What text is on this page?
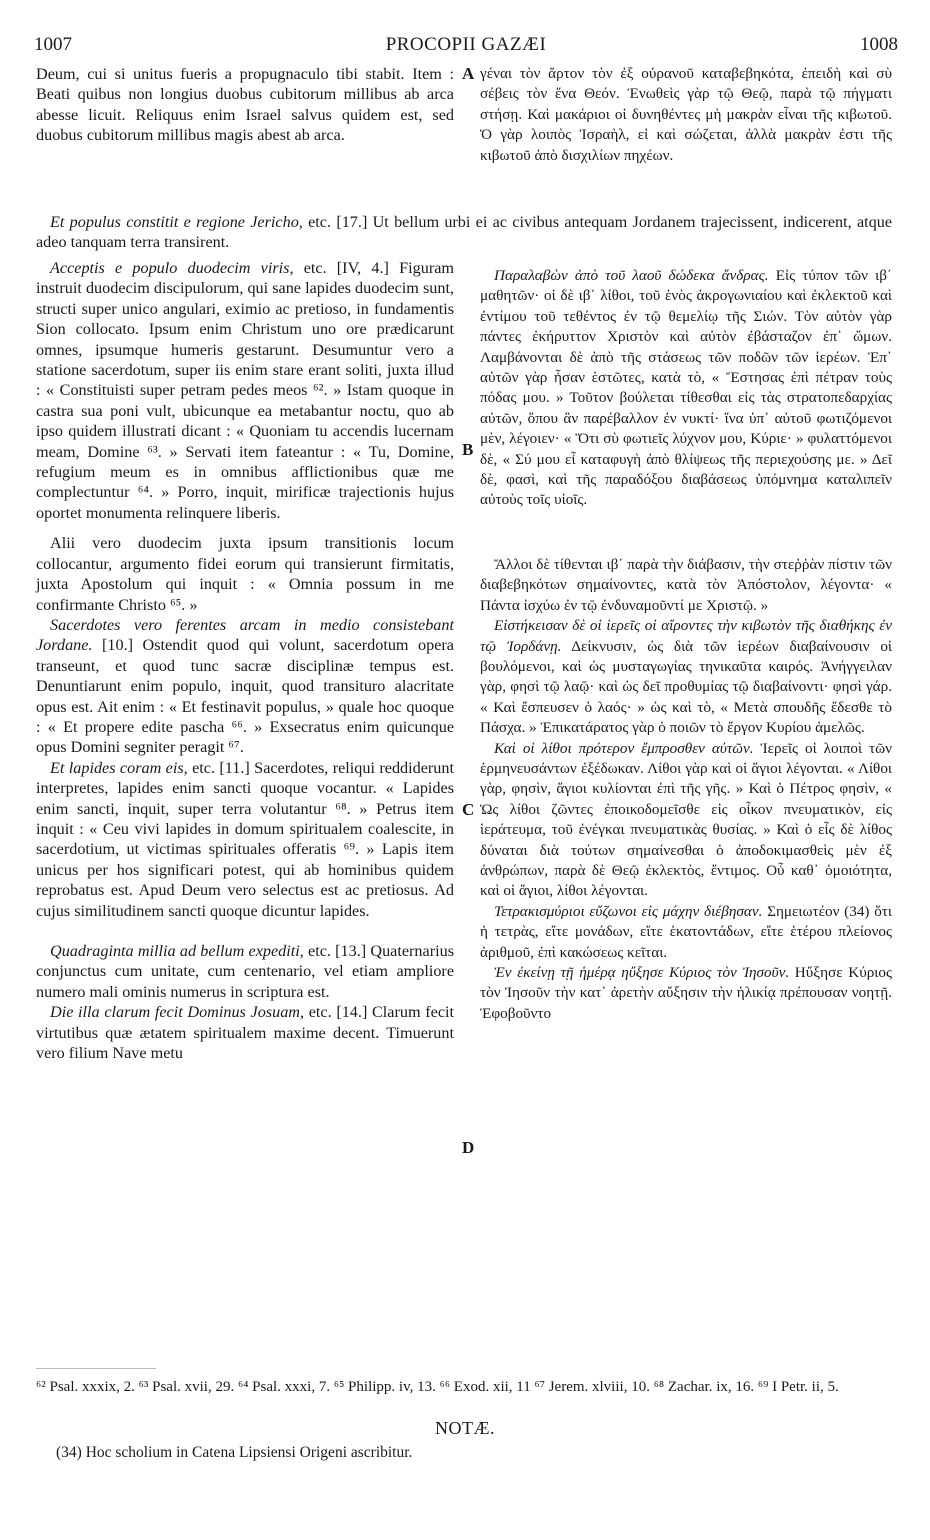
1007	PROCOPII GAZÆI	1008

Deum, cui si unitus fueris a propugnaculo tibi stabit. Item : Beati quibus non longius duobus cubitorum millibus ab arca abesse licuit. Reliquus enim Israel salvus quidem est, sed duobus cubitorum millibus magis abest ab arca.

γέναι τὸν ἄρτον τὸν ἐξ οὐρανοῦ καταβεβηκότα, ἐπειδὴ καὶ σὺ σέβεις τὸν ἕνα Θεόν. Ἐνωθεὶς γὰρ τῷ Θεῷ, παρὰ τῷ πήγματι στήσῃ. Καὶ μακάριοι οἱ δυνηθέντες μὴ μακρὰν εἶναι τῆς κιβωτοῦ. Ὁ γὰρ λοιπὸς Ἰσραὴλ, εἰ καὶ σώζεται, ἀλλὰ μακρὰν ἐστι τῆς κιβωτοῦ ἀπὸ δισχιλίων πηχέων.

Et populus constitit e regione Jericho, etc. [17.] Ut bellum urbi ei ac civibus antequam Jordanem trajecissent, indicerent, atque adeo tanquam terra transirent.

Acceptis e populo duodecim viris, etc. [IV, 4.] Figuram instruit duodecim discipulorum, qui sane lapides duodecim sunt, structi super unico angulari, eximio ac pretioso, in fundamentis Sion collocato. Ipsum enim Christum uno ore prædicarunt omnes, ipsumque humeris gestarunt. Desumuntur vero a statione sacerdotum, super iis enim stare erant soliti, juxta illud : « Constituisti super petram pedes meos ⁶². » Istam quoque in castra sua poni vult, ubicunque ea metabantur noctu, quo ab ipso quidem illustrati dicant : « Quoniam tu accendis lucernam meam, Domine ⁶³. » Servati item fateantur : « Tu, Domine, refugium meum es in omnibus afflictionibus quæ me complectuntur ⁶⁴. » Porro, inquit, mirificæ trajectionis hujus oportet monumenta relinquere liberis.

Alii vero duodecim juxta ipsum transitionis locum collocantur, argumento fidei eorum qui transierunt firmitatis, juxta Apostolum qui inquit : « Omnia possum in me confirmante Christo ⁶⁵. »

Sacerdotes vero ferentes arcam in medio consistebant Jordane. [10.] Ostendit quod qui volunt, sacerdotum opera transeunt, et quod tunc sacræ disciplinæ tempus est. Denuntiarunt enim populo, inquit, quod transituro alacritate opus est. Ait enim : « Et festinavit populus, » quale hoc quoque : « Et propere edite pascha ⁶⁶. » Exsecratus enim quicunque opus Domini segniter peragit ⁶⁷.

Et lapides coram eis, etc. [11.] Sacerdotes, reliqui reddiderunt interpretes, lapides enim sancti quoque vocantur. « Lapides enim sancti, inquit, super terra volutantur ⁶⁸. » Petrus item inquit : « Ceu vivi lapides in domum spiritualem coalescite, in sacerdotium, ut victimas spirituales offeratis ⁶⁹. » Lapis item unicus per hos significari potest, qui ab hominibus quidem reprobatus est. Apud Deum vero selectus est ac pretiosus. Ad cujus similitudinem sancti quoque dicuntur lapides.

Quadraginta millia ad bellum expediti, etc. [13.] Quaternarius conjunctus cum unitate, cum centenario, vel etiam ampliore numero mali ominis numerus in scriptura est.

Die illa clarum fecit Dominus Josuam, etc. [14.] Clarum fecit virtutibus quæ ætatem spiritualem maxime decent. Timuerunt vero filium Nave metu

Παραλαβὼν ἀπὸ τοῦ λαοῦ δώδεκα ἄνδρας. Εἰς τύπον τῶν ιβ΄ μαθητῶν· οἱ δὲ ιβ΄ λίθοι, τοῦ ἑνὸς ἀκρογωνιαίου καὶ ἐκλεκτοῦ καὶ ἐντίμου τοῦ τεθέντος ἐν τῷ θεμελίῳ τῆς Σιών. Τὸν αὐτὸν γὰρ πάντες ἐκήρυττον Χριστὸν καὶ αὐτὸν ἐβάσταζον ἐπ᾽ ὤμων. Λαμβάνονται δὲ ἀπὸ τῆς στάσεως τῶν ποδῶν τῶν ἱερέων. Ἐπ᾽ αὐτῶν γὰρ ἦσαν ἑστῶτες, κατὰ τὸ, « Ἔστησας ἐπὶ πέτραν τοὺς πόδας μου. » Τοῦτον βούλεται τίθεσθαι εἰς τὰς στρατοπεδαρχίας αὐτῶν, ὅπου ἂν παρέβαλλον ἐν νυκτί· ἵνα ὑπ᾽ αὐτοῦ φωτιζόμενοι μὲν, λέγοιεν· « Ὅτι σὺ φωτιεῖς λύχνον μου, Κύριε· » φυλαττόμενοι δὲ, « Σύ μου εἶ καταφυγὴ ἀπὸ θλίψεως τῆς περιεχούσης με. » Δεῖ δὲ, φασὶ, καὶ τῆς παραδόξου διαβάσεως ὑπόμνημα καταλιπεῖν αὐτοὺς τοῖς υἱοῖς.

Ἄλλοι δὲ τίθενται ιβ΄ παρὰ τὴν διάβασιν, τὴν στεῤῥὰν πίστιν τῶν διαβεβηκότων σημαίνοντες, κατὰ τὸν Ἀπόστολον, λέγοντα· « Πάντα ἰσχύω ἐν τῷ ἐνδυναμοῦντί με Χριστῷ. »

Εἱστήκεισαν δὲ οἱ ἱερεῖς οἱ αἴροντες τὴν κιβωτὸν τῆς διαθήκης ἐν τῷ Ἰορδάνῃ. Δείκνυσιν, ὡς διὰ τῶν ἱερέων διαβαίνουσιν οἱ βουλόμενοι, καὶ ὡς μυσταγωγίας τηνικαῦτα καιρός. Ἀνήγγειλαν γὰρ, φησὶ τῷ λαῷ· καὶ ὡς δεῖ προθυμίας τῷ διαβαίνοντι· φησὶ γάρ. « Καὶ ἔσπευσεν ὁ λαός· » ὡς καὶ τὸ, « Μετὰ σπουδῆς ἔδεσθε τὸ Πάσχα. » Ἐπικατάρατος γὰρ ὁ ποιῶν τὸ ἔργον Κυρίου ἀμελῶς.

Καὶ οἱ λίθοι πρότερον ἔμπροσθεν αὐτῶν. Ἱερεῖς οἱ λοιποὶ τῶν ἑρμηνευσάντων ἐξέδωκαν. Λίθοι γὰρ καὶ οἱ ἅγιοι λέγονται. « Λίθοι γὰρ, φησὶν, ἅγιοι κυλίονται ἐπὶ τῆς γῆς. » Καὶ ὁ Πέτρος φησὶν, « Ὡς λίθοι ζῶντες ἐποικοδομεῖσθε εἰς οἶκον πνευματικὸν, εἰς ἱεράτευμα, τοῦ ἐνέγκαι πνευματικὰς θυσίας. » Καὶ ὁ εἷς δὲ λίθος δύναται διὰ τούτων σημαίνεσθαι ὁ ἀποδοκιμασθεὶς μὲν ἐξ ἀνθρώπων, παρὰ δὲ Θεῷ ἐκλεκτὸς, ἔντιμος. Οὗ καθ᾽ ὁμοιότητα, καὶ οἱ ἅγιοι, λίθοι λέγονται.

Τετρακισμύριοι εὔζωνοι εἰς μάχην διέβησαν. Σημειωτέον (34) ὅτι ἡ τετρὰς, εἴτε μονάδων, εἴτε ἑκατοντάδων, εἴτε ἑτέρου πλείονος ἀριθμοῦ, ἐπὶ κακώσεως κεῖται.

Ἐν ἐκείνῃ τῇ ἡμέρᾳ ηὔξησε Κύριος τὸν Ἰησοῦν. Ηὔξησε Κύριος τὸν Ἰησοῦν τὴν κατ᾽ ἀρετὴν αὔξησιν τὴν ἡλικίᾳ πρέπουσαν νοητῇ. Ἐφοβοῦντο

A
B
C
D
⁶² Psal. xxxix, 2. ⁶³ Psal. xvii, 29. ⁶⁴ Psal. xxxi, 7. ⁶⁵ Philipp. iv, 13. ⁶⁶ Exod. xii, 11 ⁶⁷ Jerem. xlviii, 10. ⁶⁸ Zachar. ix, 16. ⁶⁹ I Petr. ii, 5.
NOTÆ.
(34) Hoc scholium in Catena Lipsiensi Origeni ascribitur.
